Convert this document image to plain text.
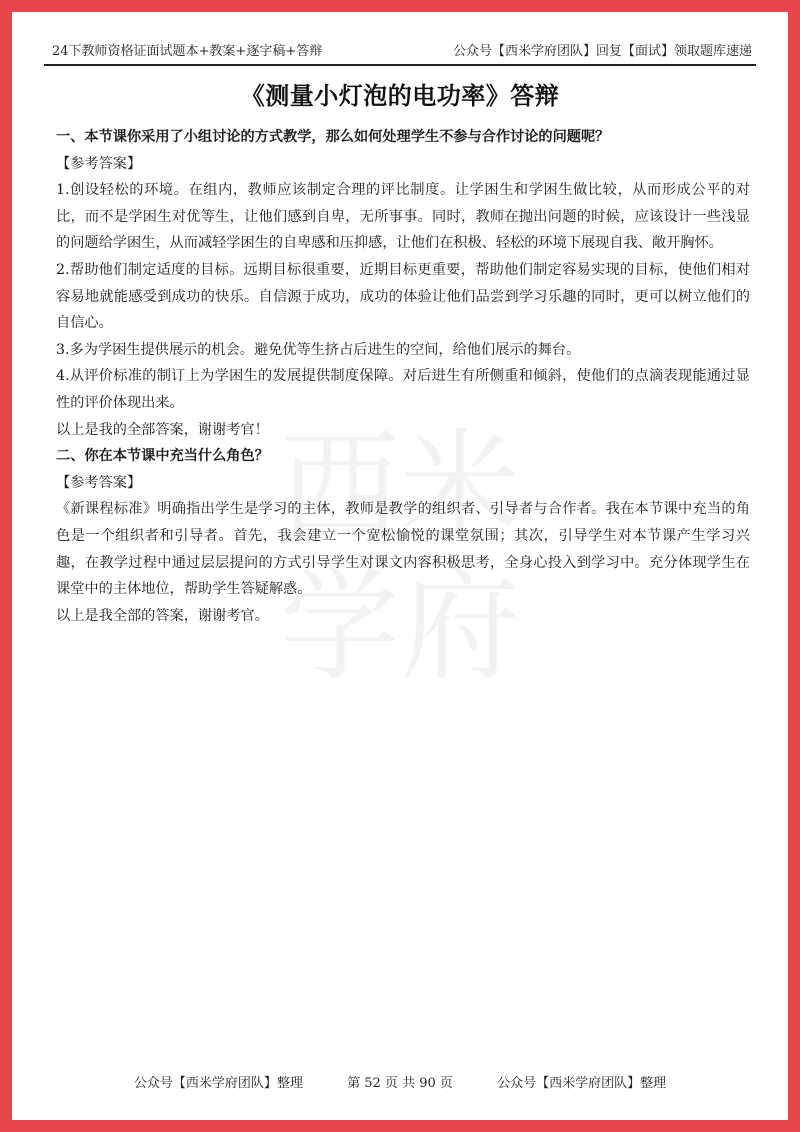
24下教师资格证面试题本+教案+逐字稿+答辩	公众号【西米学府团队】回复【面试】领取题库速递
《测量小灯泡的电功率》答辩
西 米
学 府

一、本节课你采用了小组讨论的方式教学，那么如何处理学生不参与合作讨论的问题呢？

【参考答案】

1.创设轻松的环境。在组内，教师应该制定合理的评比制度。让学困生和学困生做比较，从而形成公平的对比，而不是学困生对优等生，让他们感到自卑，无所事事。同时，教师在抛出问题的时候，应该设计一些浅显的问题给学困生，从而减轻学困生的自卑感和压抑感，让他们在积极、轻松的环境下展现自我、敞开胸怀。

2.帮助他们制定适度的目标。远期目标很重要，近期目标更重要，帮助他们制定容易实现的目标，使他们相对容易地就能感受到成功的快乐。自信源于成功，成功的体验让他们品尝到学习乐趣的同时，更可以树立他们的自信心。

3.多为学困生提供展示的机会。避免优等生挤占后进生的空间，给他们展示的舞台。

4.从评价标准的制订上为学困生的发展提供制度保障。对后进生有所侧重和倾斜，使他们的点滴表现能通过显性的评价体现出来。

以上是我的全部答案，谢谢考官！

二、你在本节课中充当什么角色？

【参考答案】

《新课程标准》明确指出学生是学习的主体，教师是教学的组织者、引导者与合作者。我在本节课中充当的角色是一个组织者和引导者。首先，我会建立一个宽松愉悦的课堂氛围；其次，引导学生对本节课产生学习兴趣，在教学过程中通过层层提问的方式引导学生对课文内容积极思考，全身心投入到学习中。充分体现学生在课堂中的主体地位，帮助学生答疑解惑。

以上是我全部的答案，谢谢考官。

公众号【西米学府团队】整理	第 52 页 共 90 页	公众号【西米学府团队】整理
